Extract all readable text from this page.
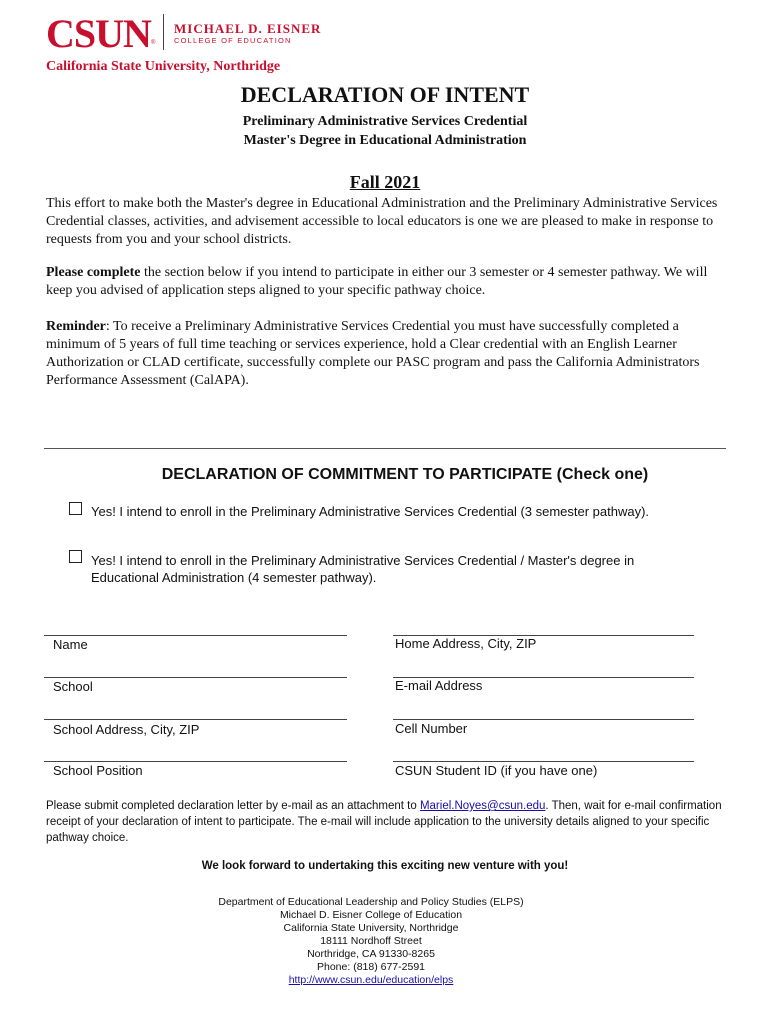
CSUN ®
MICHAEL D. EISNER
COLLEGE OF EDUCATION
California State University, Northridge
DECLARATION OF INTENT
Preliminary Administrative Services Credential
Master's Degree in Educational Administration
Fall 2021
This effort to make both the Master's degree in Educational Administration and the Preliminary Administrative Services Credential classes, activities, and advisement accessible to local educators is one we are pleased to make in response to requests from you and your school districts.
Please complete the section below if you intend to participate in either our 3 semester or 4 semester pathway. We will keep you advised of application steps aligned to your specific pathway choice.
Reminder: To receive a Preliminary Administrative Services Credential you must have successfully completed a minimum of 5 years of full time teaching or services experience, hold a Clear credential with an English Learner Authorization or CLAD certificate, successfully complete our PASC program and pass the California Administrators Performance Assessment (CalAPA).
DECLARATION OF COMMITMENT TO PARTICIPATE (Check one)
Yes! I intend to enroll in the Preliminary Administrative Services Credential (3 semester pathway).
Yes! I intend to enroll in the Preliminary Administrative Services Credential / Master's degree in Educational Administration (4 semester pathway).
Name	Home Address, City, ZIP
School	E-mail Address
School Address, City, ZIP	Cell Number
School Position	CSUN Student ID (if you have one)
Please submit completed declaration letter by e-mail as an attachment to Mariel.Noyes@csun.edu. Then, wait for e-mail confirmation receipt of your declaration of intent to participate. The e-mail will include application to the university details aligned to your specific pathway choice.
We look forward to undertaking this exciting new venture with you!
Department of Educational Leadership and Policy Studies (ELPS)
Michael D. Eisner College of Education
California State University, Northridge
18111 Nordhoff Street
Northridge, CA 91330-8265
Phone: (818) 677-2591
http://www.csun.edu/education/elps
